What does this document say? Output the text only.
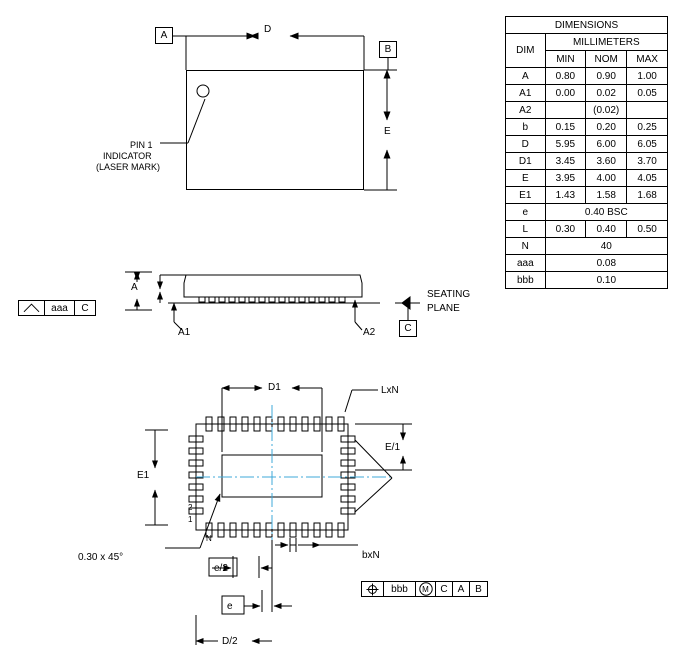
DIMENSIONS			
DIM	MILLIMETERS		
	MIN	NOM	MAX
A	0.80	0.90	1.00
A1	0.00	0.02	0.05
A2		(0.02)	
b	0.15	0.20	0.25
D	5.95	6.00	6.05
D1	3.45	3.60	3.70
E	3.95	4.00	4.05
E1	1.43	1.58	1.68
e	0.40 BSC		
L	0.30	0.40	0.50
N	40		
aaa	0.08		
bbb	0.10		
A
B
D
E
PIN 1
INDICATOR
(LASER MARK)
A
A1	A2
SEATING
PLANE
C
aaa	C
D1	LxN
E/1
E1
bxN
e/2
e
D/2
0.30 x 45°
2
1
N
bbb	M	C	A	B
